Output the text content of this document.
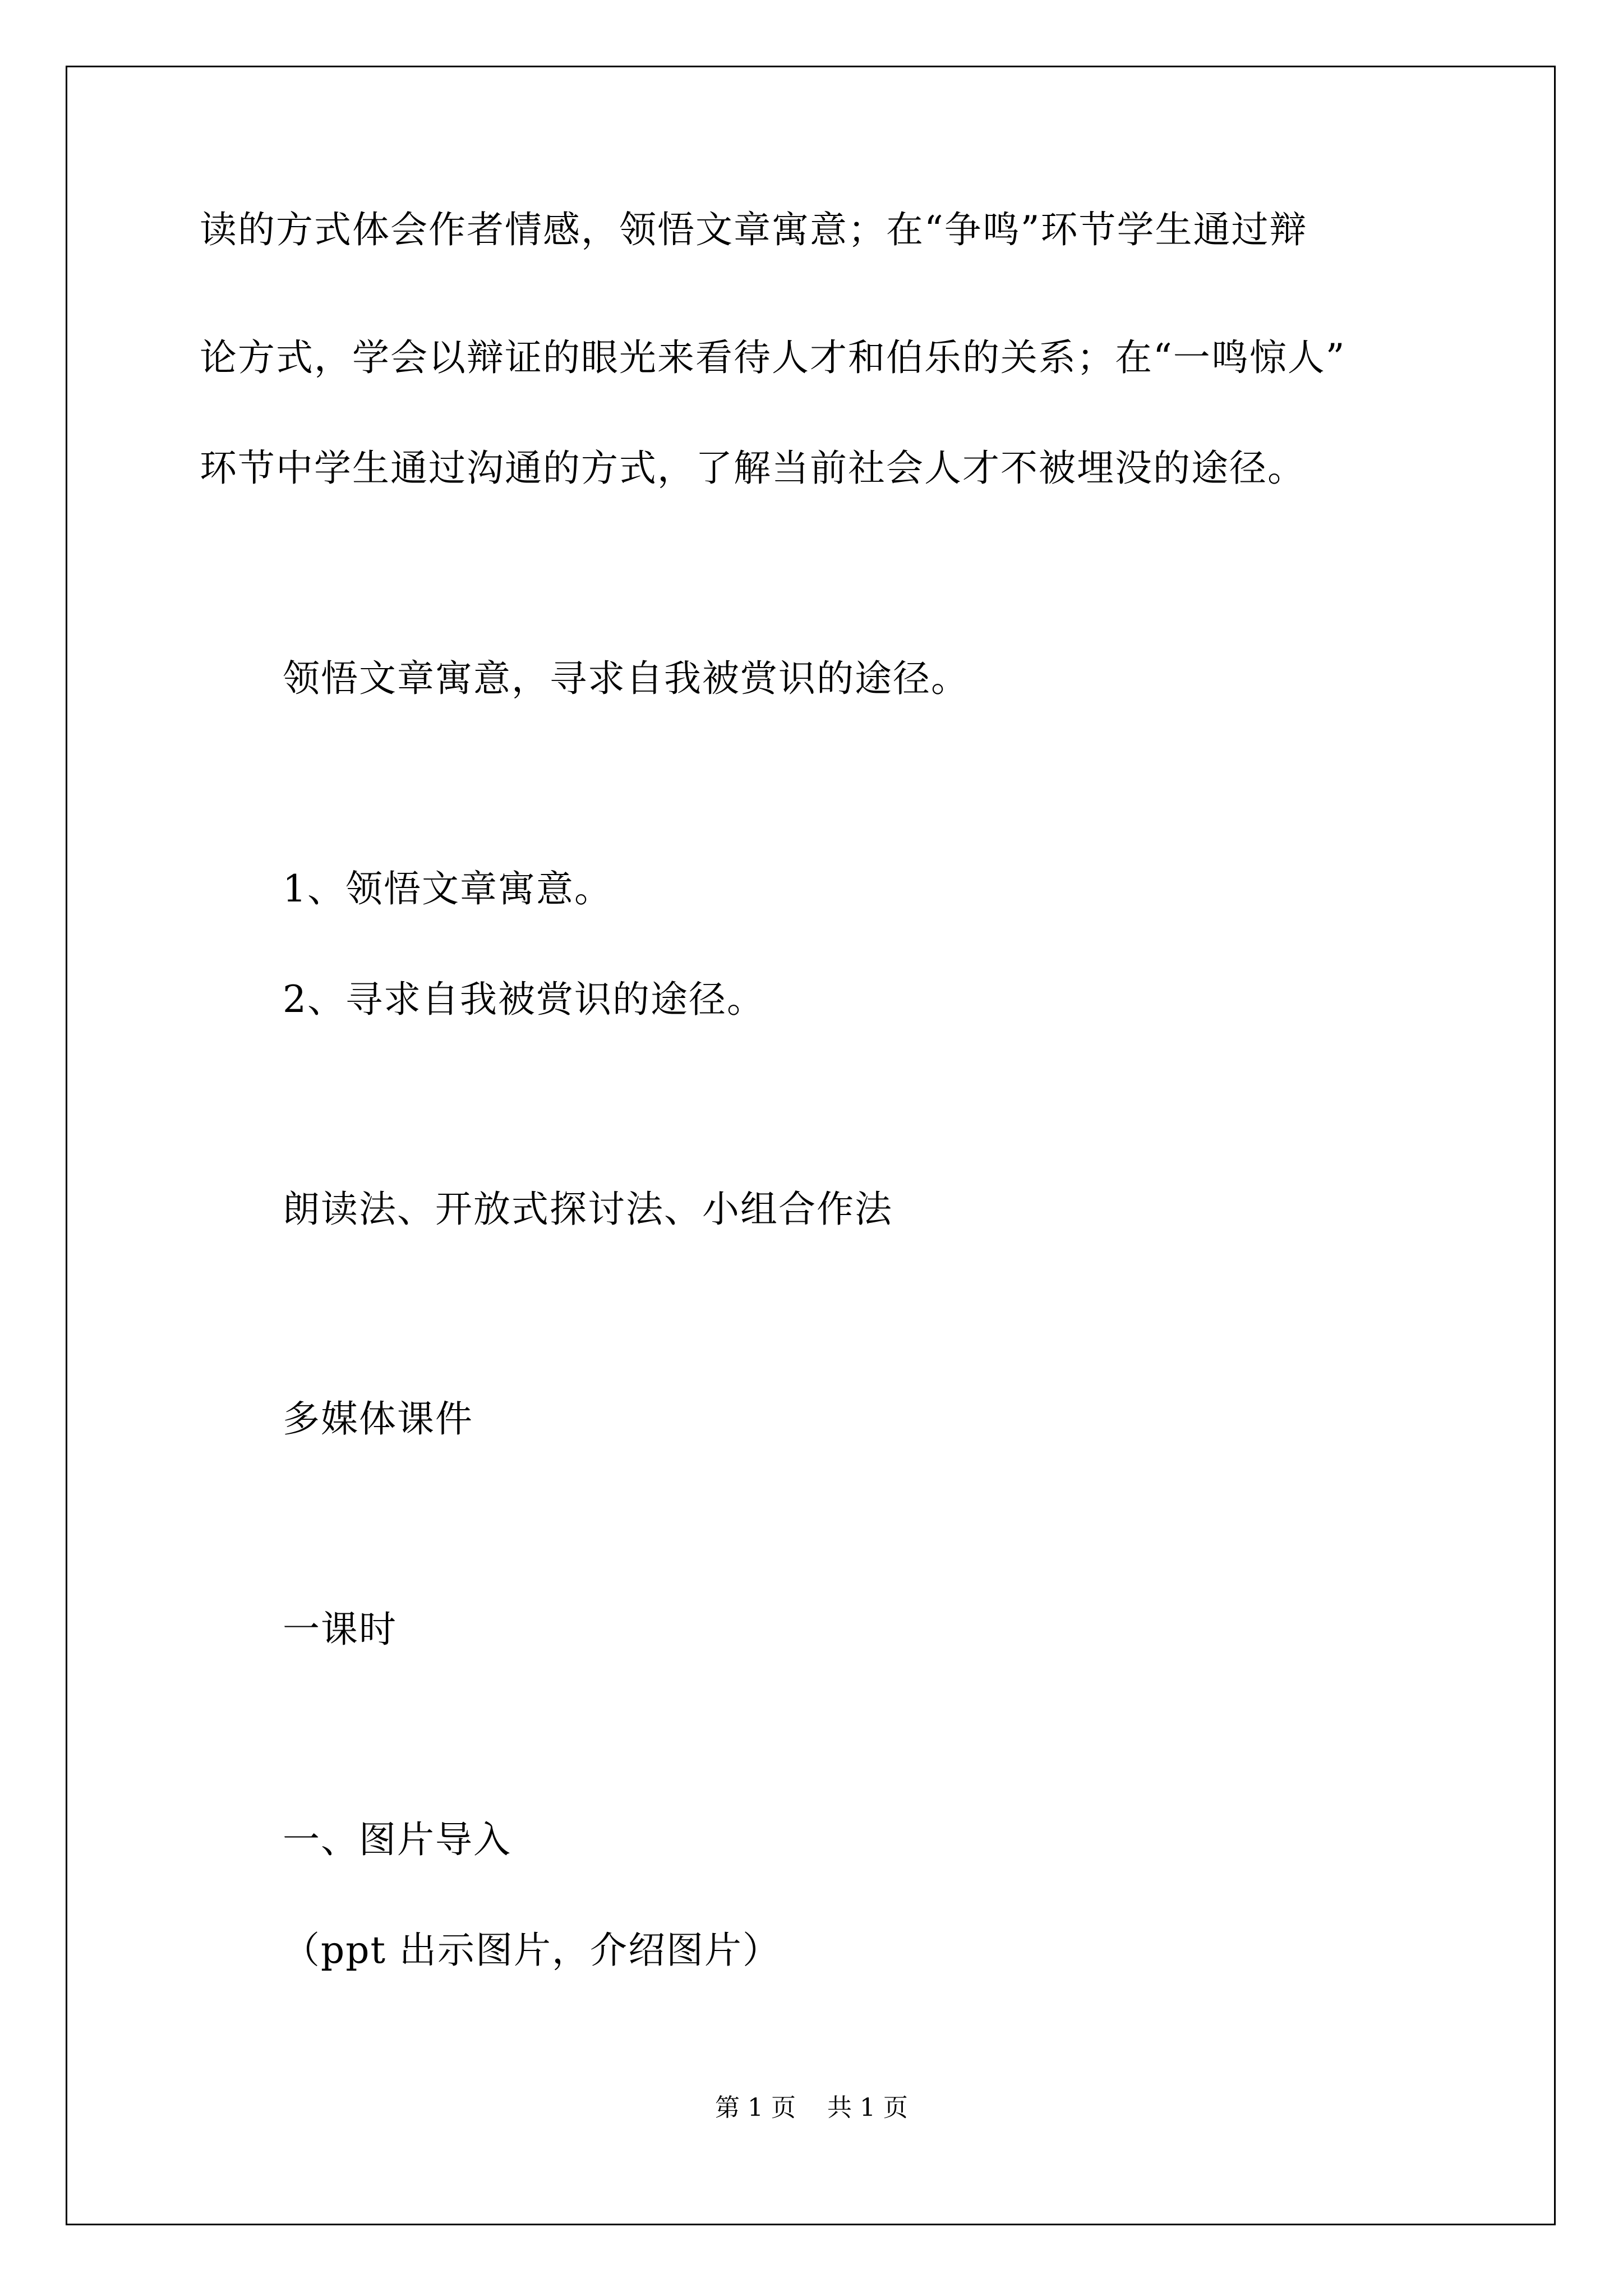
读的方式体会作者情感，领悟文章寓意；在“争鸣”环节学生通过辩
论方式，学会以辩证的眼光来看待人才和伯乐的关系；在“一鸣惊人”
环节中学生通过沟通的方式，了解当前社会人才不被埋没的途径。
领悟文章寓意，寻求自我被赏识的途径。
1、领悟文章寓意。
2、寻求自我被赏识的途径。
朗读法、开放式探讨法、小组合作法
多媒体课件
一课时
一、图片导入
（ppt 出示图片，介绍图片）
第 1 页    共 1 页
